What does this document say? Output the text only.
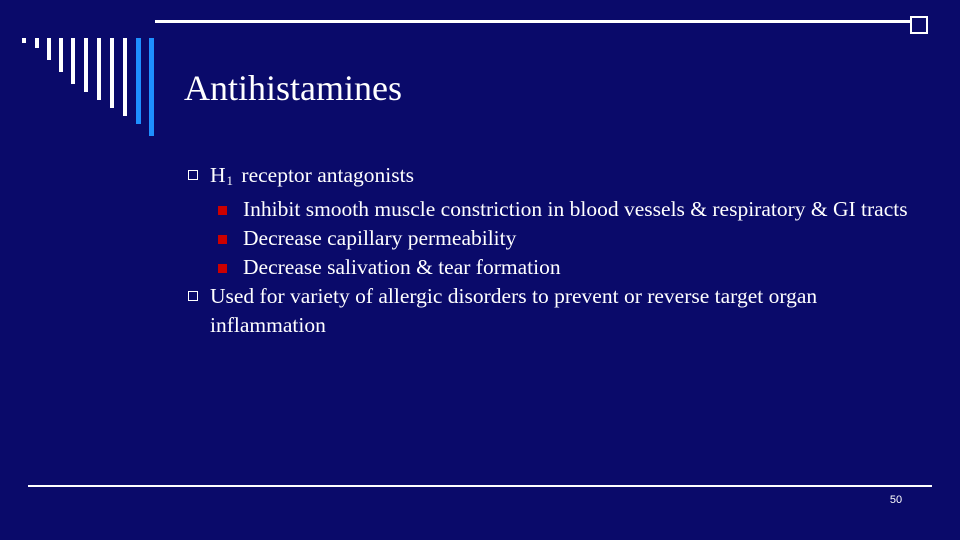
Antihistamines
$H_1$ receptor antagonists
Inhibit smooth muscle constriction in blood vessels & respiratory & GI tracts
Decrease capillary permeability
Decrease salivation & tear formation
Used for variety of allergic disorders to prevent or reverse target organ inflammation
50
